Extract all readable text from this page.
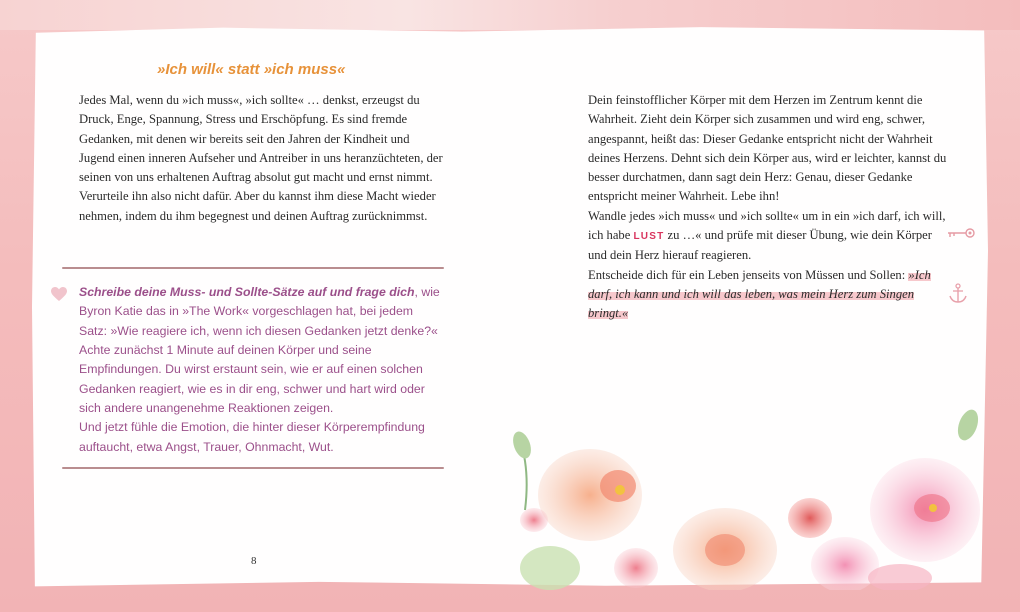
»Ich will« statt »ich muss«

Jedes Mal, wenn du »ich muss«, »ich sollte« … denkst, erzeugst du Druck, Enge, Spannung, Stress und Erschöpfung. Es sind fremde Gedanken, mit denen wir bereits seit den Jahren der Kindheit und Jugend einen inneren Aufseher und Antreiber in uns heranzüchteten, der seinen von uns erhaltenen Auftrag absolut gut macht und ernst nimmt. Verurteile ihn also nicht dafür. Aber du kannst ihm diese Macht wieder nehmen, indem du ihm begegnest und deinen Auftrag zurücknimmst.

Schreibe deine Muss- und Sollte-Sätze auf und frage dich, wie Byron Katie das in »The Work« vorgeschlagen hat, bei jedem Satz: »Wie reagiere ich, wenn ich diesen Gedanken jetzt denke?« Achte zunächst 1 Minute auf deinen Körper und seine Empfindungen. Du wirst erstaunt sein, wie er auf einen solchen Gedanken reagiert, wie es in dir eng, schwer und hart wird oder sich andere unangenehme Reaktionen zeigen.
Und jetzt fühle die Emotion, die hinter dieser Körperempfindung auftaucht, etwa Angst, Trauer, Ohnmacht, Wut.
8
Dein feinstofflicher Körper mit dem Herzen im Zentrum kennt die Wahrheit. Zieht dein Körper sich zusammen und wird eng, schwer, angespannt, heißt das: Dieser Gedanke entspricht nicht der Wahrheit deines Herzens. Dehnt sich dein Körper aus, wird er leichter, kannst du besser durchatmen, dann sagt dein Herz: Genau, dieser Gedanke entspricht meiner Wahrheit. Lebe ihn!
Wandle jedes »ich muss« und »ich sollte« um in ein »ich darf, ich will, ich habe LUST zu …« und prüfe mit dieser Übung, wie dein Körper und dein Herz hierauf reagieren.
Entscheide dich für ein Leben jenseits von Müssen und Sollen: »Ich darf, ich kann und ich will das leben, was mein Herz zum Singen bringt.«
